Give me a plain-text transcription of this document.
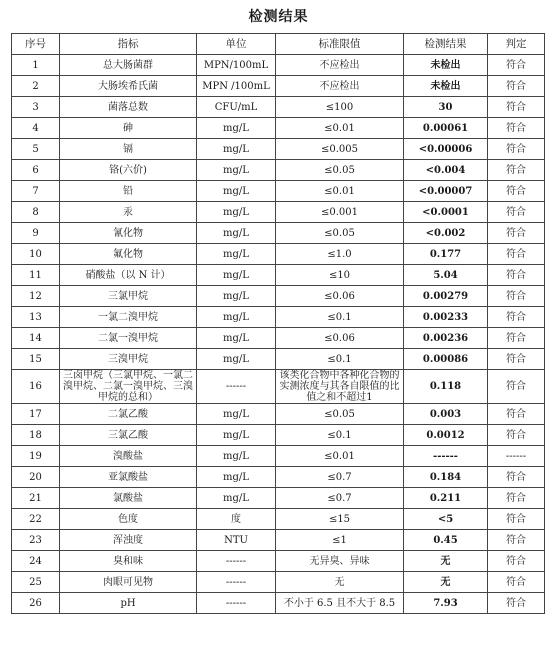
检测结果
序号	指标	单位	标准限值	检测结果	判定
1	总大肠菌群	MPN/100mL	不应检出	未检出	符合
2	大肠埃希氏菌	MPN /100mL	不应检出	未检出	符合
3	菌落总数	CFU/mL	≤100	30	符合
4	砷	mg/L	≤0.01	0.00061	符合
5	镉	mg/L	≤0.005	<0.00006	符合
6	铬(六价)	mg/L	≤0.05	<0.004	符合
7	铅	mg/L	≤0.01	<0.00007	符合
8	汞	mg/L	≤0.001	<0.0001	符合
9	氰化物	mg/L	≤0.05	<0.002	符合
10	氟化物	mg/L	≤1.0	0.177	符合
11	硝酸盐（以 N 计）	mg/L	≤10	5.04	符合
12	三氯甲烷	mg/L	≤0.06	0.00279	符合
13	一氯二溴甲烷	mg/L	≤0.1	0.00233	符合
14	二氯一溴甲烷	mg/L	≤0.06	0.00236	符合
15	三溴甲烷	mg/L	≤0.1	0.00086	符合
16	三卤甲烷（三氯甲烷、一氯二溴甲烷、二氯一溴甲烷、三溴甲烷的总和）	------	该类化合物中各种化合物的实测浓度与其各自限值的比值之和不超过1	0.118	符合
17	二氯乙酸	mg/L	≤0.05	0.003	符合
18	三氯乙酸	mg/L	≤0.1	0.0012	符合
19	溴酸盐	mg/L	≤0.01	------	------
20	亚氯酸盐	mg/L	≤0.7	0.184	符合
21	氯酸盐	mg/L	≤0.7	0.211	符合
22	色度	度	≤15	<5	符合
23	浑浊度	NTU	≤1	0.45	符合
24	臭和味	------	无异臭、异味	无	符合
25	肉眼可见物	------	无	无	符合
26	pH	------	不小于 6.5 且不大于 8.5	7.93	符合
